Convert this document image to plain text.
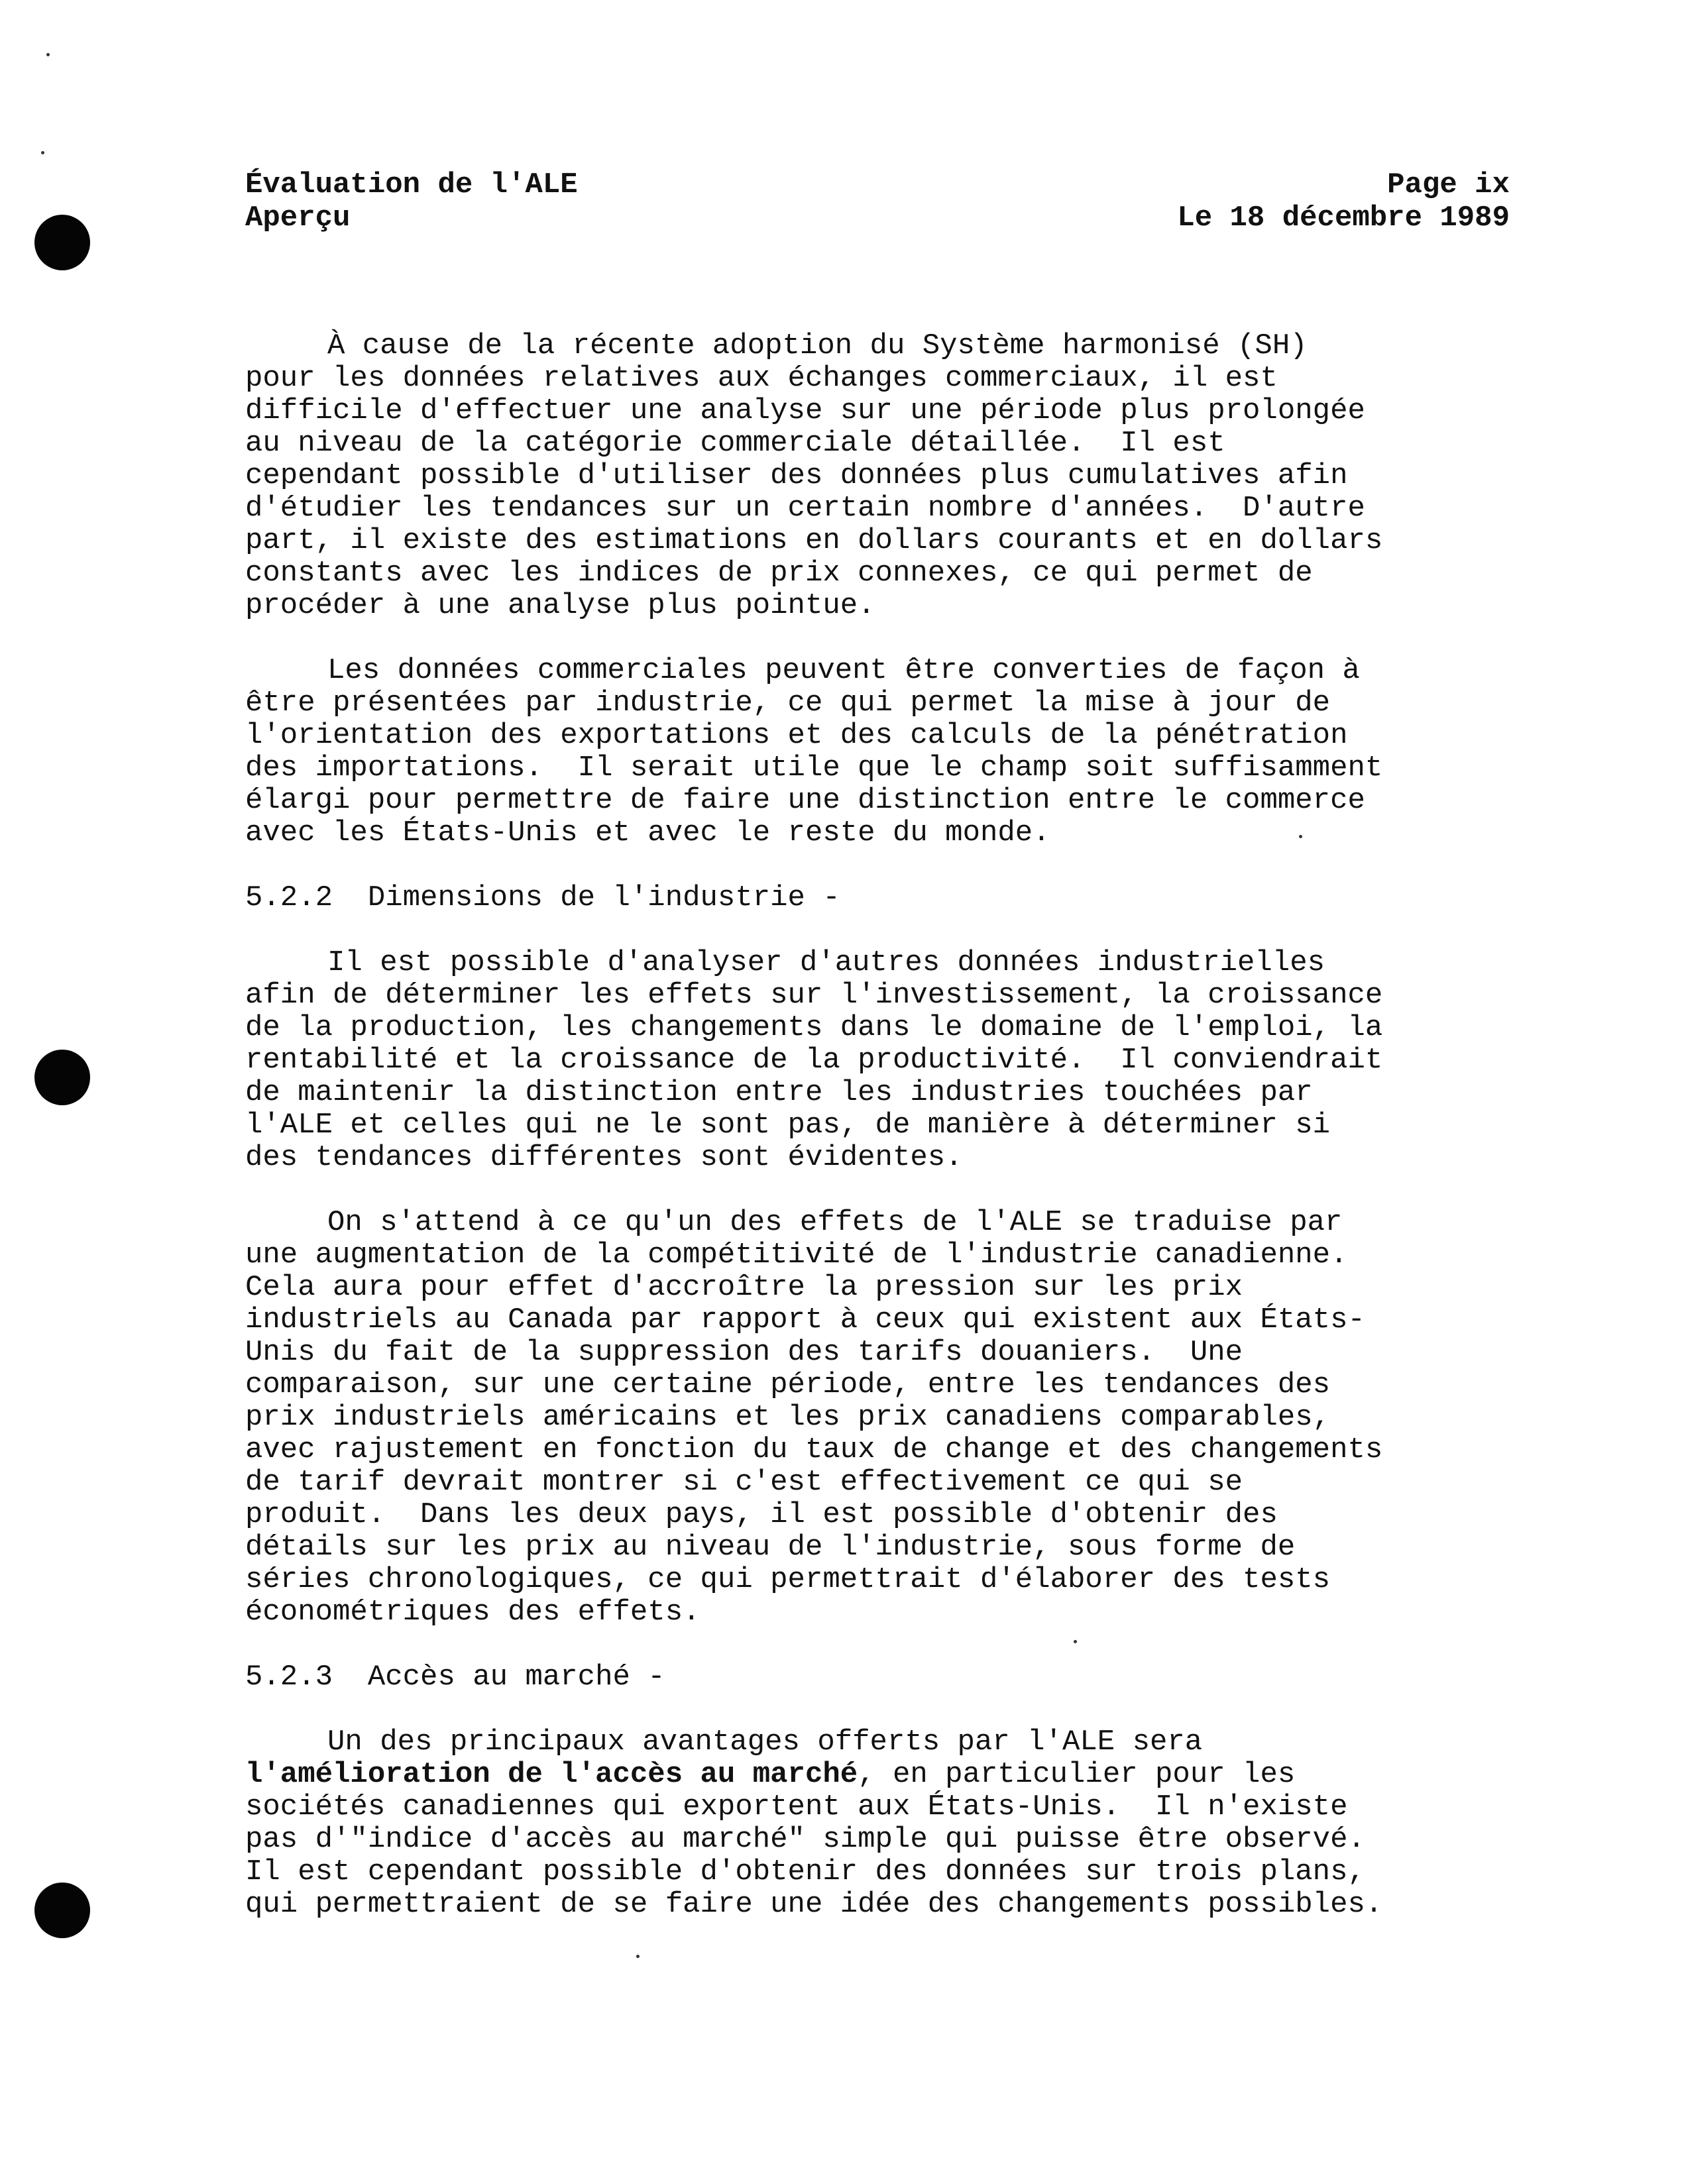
Évaluation de l'ALE
Aperçu
Page ix
Le 18 décembre 1989
À cause de la récente adoption du Système harmonisé (SH)
pour les données relatives aux échanges commerciaux, il est
difficile d'effectuer une analyse sur une période plus prolongée
au niveau de la catégorie commerciale détaillée.  Il est
cependant possible d'utiliser des données plus cumulatives afin
d'étudier les tendances sur un certain nombre d'années.  D'autre
part, il existe des estimations en dollars courants et en dollars
constants avec les indices de prix connexes, ce qui permet de
procéder à une analyse plus pointue.
Les données commerciales peuvent être converties de façon à
être présentées par industrie, ce qui permet la mise à jour de
l'orientation des exportations et des calculs de la pénétration
des importations.  Il serait utile que le champ soit suffisamment
élargi pour permettre de faire une distinction entre le commerce
avec les États-Unis et avec le reste du monde.
5.2.2  Dimensions de l'industrie -
Il est possible d'analyser d'autres données industrielles
afin de déterminer les effets sur l'investissement, la croissance
de la production, les changements dans le domaine de l'emploi, la
rentabilité et la croissance de la productivité.  Il conviendrait
de maintenir la distinction entre les industries touchées par
l'ALE et celles qui ne le sont pas, de manière à déterminer si
des tendances différentes sont évidentes.
On s'attend à ce qu'un des effets de l'ALE se traduise par
une augmentation de la compétitivité de l'industrie canadienne.
Cela aura pour effet d'accroître la pression sur les prix
industriels au Canada par rapport à ceux qui existent aux États-
Unis du fait de la suppression des tarifs douaniers.  Une
comparaison, sur une certaine période, entre les tendances des
prix industriels américains et les prix canadiens comparables,
avec rajustement en fonction du taux de change et des changements
de tarif devrait montrer si c'est effectivement ce qui se
produit.  Dans les deux pays, il est possible d'obtenir des
détails sur les prix au niveau de l'industrie, sous forme de
séries chronologiques, ce qui permettrait d'élaborer des tests
économétriques des effets.
5.2.3  Accès au marché -
Un des principaux avantages offerts par l'ALE sera
l'amélioration de l'accès au marché, en particulier pour les
sociétés canadiennes qui exportent aux États-Unis.  Il n'existe
pas d'"indice d'accès au marché" simple qui puisse être observé.
Il est cependant possible d'obtenir des données sur trois plans,
qui permettraient de se faire une idée des changements possibles.
